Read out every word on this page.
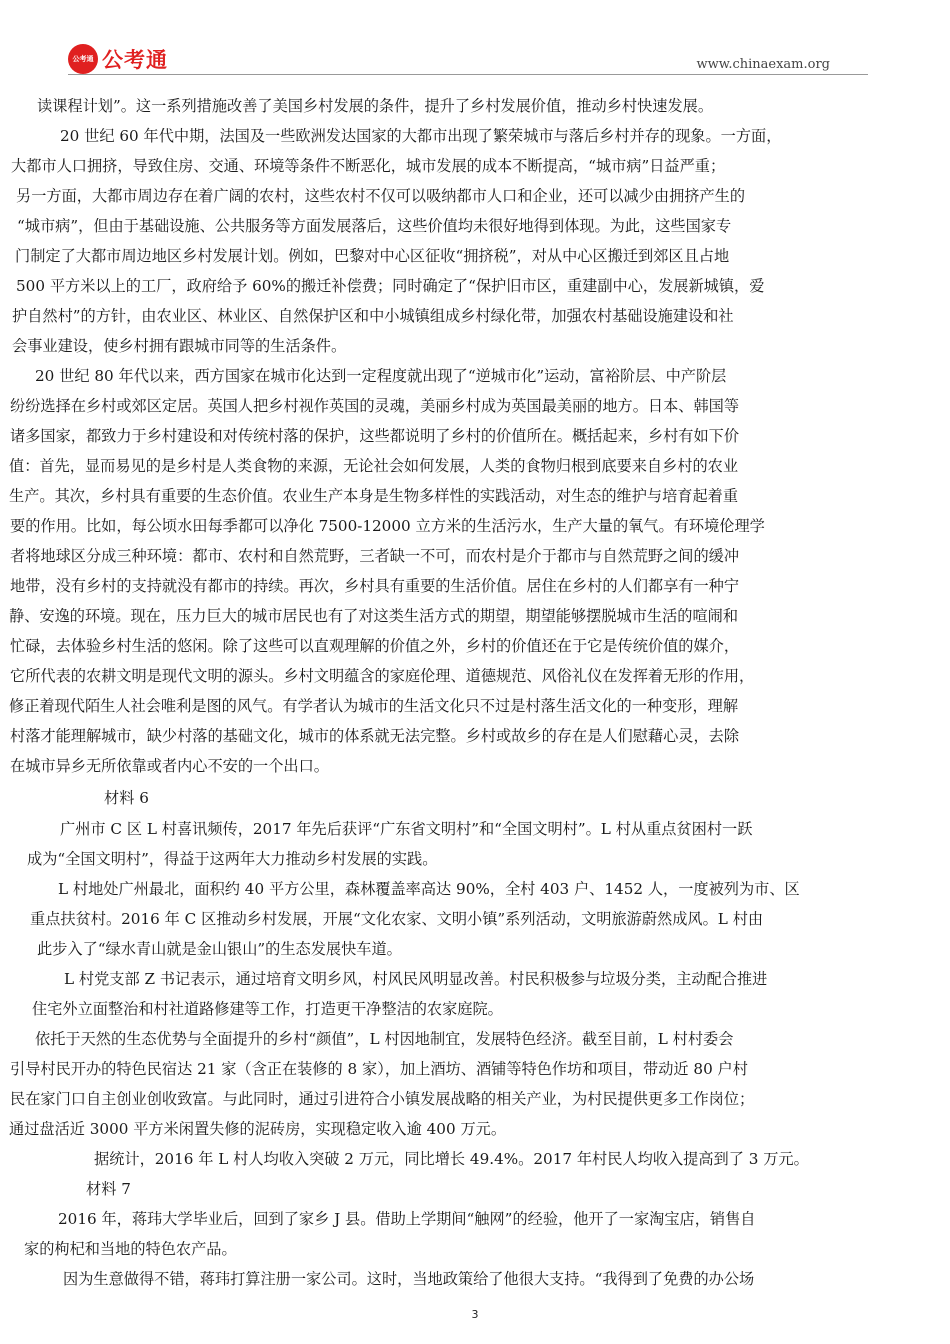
公考通 公考通	www.chinaexam.org
读课程计划”。这一系列措施改善了美国乡村发展的条件，提升了乡村发展价值，推动乡村快速发展。
20 世纪 60 年代中期，法国及一些欧洲发达国家的大都市出现了繁荣城市与落后乡村并存的现象。一方面，
大都市人口拥挤，导致住房、交通、环境等条件不断恶化，城市发展的成本不断提高，“城市病”日益严重；
另一方面，大都市周边存在着广阔的农村，这些农村不仅可以吸纳都市人口和企业，还可以减少由拥挤产生的
“城市病”，但由于基础设施、公共服务等方面发展落后，这些价值均未很好地得到体现。为此，这些国家专
门制定了大都市周边地区乡村发展计划。例如，巴黎对中心区征收“拥挤税”，对从中心区搬迁到郊区且占地
500 平方米以上的工厂，政府给予 60%的搬迁补偿费；同时确定了“保护旧市区，重建副中心，发展新城镇，爱
护自然村”的方针，由农业区、林业区、自然保护区和中小城镇组成乡村绿化带，加强农村基础设施建设和社
会事业建设，使乡村拥有跟城市同等的生活条件。
20 世纪 80 年代以来，西方国家在城市化达到一定程度就出现了“逆城市化”运动，富裕阶层、中产阶层
纷纷选择在乡村或郊区定居。英国人把乡村视作英国的灵魂，美丽乡村成为英国最美丽的地方。日本、韩国等
诸多国家，都致力于乡村建设和对传统村落的保护，这些都说明了乡村的价值所在。概括起来，乡村有如下价
值：首先，显而易见的是乡村是人类食物的来源，无论社会如何发展，人类的食物归根到底要来自乡村的农业
生产。其次，乡村具有重要的生态价值。农业生产本身是生物多样性的实践活动，对生态的维护与培育起着重
要的作用。比如，每公顷水田每季都可以净化 7500-12000 立方米的生活污水，生产大量的氧气。有环境伦理学
者将地球区分成三种环境：都市、农村和自然荒野，三者缺一不可，而农村是介于都市与自然荒野之间的缓冲
地带，没有乡村的支持就没有都市的持续。再次，乡村具有重要的生活价值。居住在乡村的人们都享有一种宁
静、安逸的环境。现在，压力巨大的城市居民也有了对这类生活方式的期望，期望能够摆脱城市生活的喧闹和
忙碌，去体验乡村生活的悠闲。除了这些可以直观理解的价值之外，乡村的价值还在于它是传统价值的媒介，
它所代表的农耕文明是现代文明的源头。乡村文明蕴含的家庭伦理、道德规范、风俗礼仪在发挥着无形的作用，
修正着现代陌生人社会唯利是图的风气。有学者认为城市的生活文化只不过是村落生活文化的一种变形，理解
村落才能理解城市，缺少村落的基础文化，城市的体系就无法完整。乡村或故乡的存在是人们慰藉心灵，去除
在城市异乡无所依靠或者内心不安的一个出口。
材料 6
广州市 C 区 L 村喜讯频传，2017 年先后获评“广东省文明村”和“全国文明村”。L 村从重点贫困村一跃
成为“全国文明村”，得益于这两年大力推动乡村发展的实践。
L 村地处广州最北，面积约 40 平方公里，森林覆盖率高达 90%，全村 403 户、1452 人，一度被列为市、区
重点扶贫村。2016 年 C 区推动乡村发展，开展“文化农家、文明小镇”系列活动，文明旅游蔚然成风。L 村由
此步入了“绿水青山就是金山银山”的生态发展快车道。
L 村党支部 Z 书记表示，通过培育文明乡风，村风民风明显改善。村民积极参与垃圾分类，主动配合推进
住宅外立面整治和村社道路修建等工作，打造更干净整洁的农家庭院。
依托于天然的生态优势与全面提升的乡村“颜值”，L 村因地制宜，发展特色经济。截至目前，L 村村委会
引导村民开办的特色民宿达 21 家（含正在装修的 8 家），加上酒坊、酒铺等特色作坊和项目，带动近 80 户村
民在家门口自主创业创收致富。与此同时，通过引进符合小镇发展战略的相关产业，为村民提供更多工作岗位；
通过盘活近 3000 平方米闲置失修的泥砖房，实现稳定收入逾 400 万元。
据统计，2016 年 L 村人均收入突破 2 万元，同比增长 49.4%。2017 年村民人均收入提高到了 3 万元。
材料 7
2016 年，蒋玮大学毕业后，回到了家乡 J 县。借助上学期间“触网”的经验，他开了一家淘宝店，销售自
家的枸杞和当地的特色农产品。
因为生意做得不错，蒋玮打算注册一家公司。这时，当地政策给了他很大支持。“我得到了免费的办公场
3
